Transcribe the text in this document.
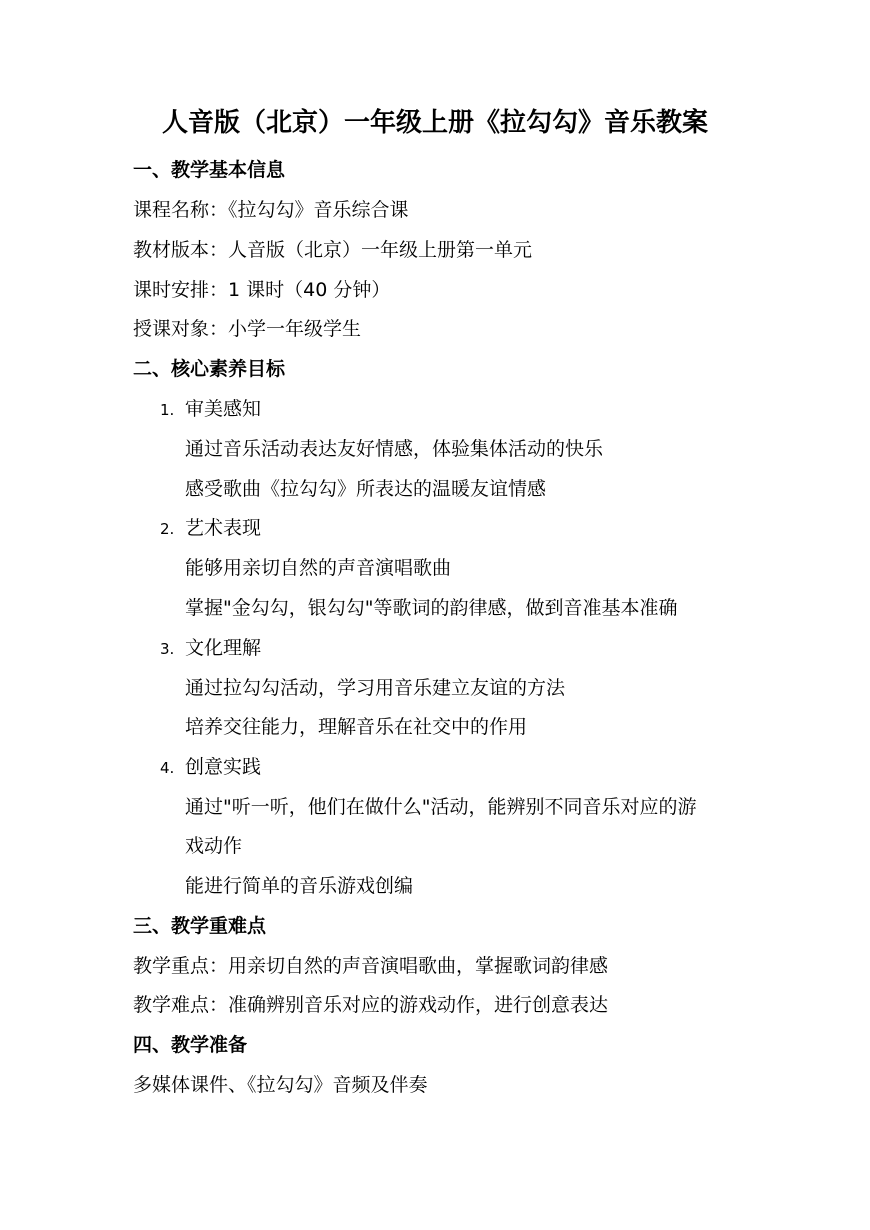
人音版（北京）一年级上册《拉勾勾》音乐教案

一、教学基本信息

课程名称：《拉勾勾》音乐综合课

教材版本：人音版（北京）一年级上册第一单元

课时安排：1 课时（40 分钟）

授课对象：小学一年级学生

二、核心素养目标

1. 审美感知

通过音乐活动表达友好情感，体验集体活动的快乐

感受歌曲《拉勾勾》所表达的温暖友谊情感

2. 艺术表现

能够用亲切自然的声音演唱歌曲

掌握"金勾勾，银勾勾"等歌词的韵律感，做到音准基本准确

3. 文化理解

通过拉勾勾活动，学习用音乐建立友谊的方法

培养交往能力，理解音乐在社交中的作用

4. 创意实践

通过"听一听，他们在做什么"活动，能辨别不同音乐对应的游

戏动作

能进行简单的音乐游戏创编

三、教学重难点

教学重点：用亲切自然的声音演唱歌曲，掌握歌词韵律感

教学难点：准确辨别音乐对应的游戏动作，进行创意表达

四、教学准备

多媒体课件、《拉勾勾》音频及伴奏
